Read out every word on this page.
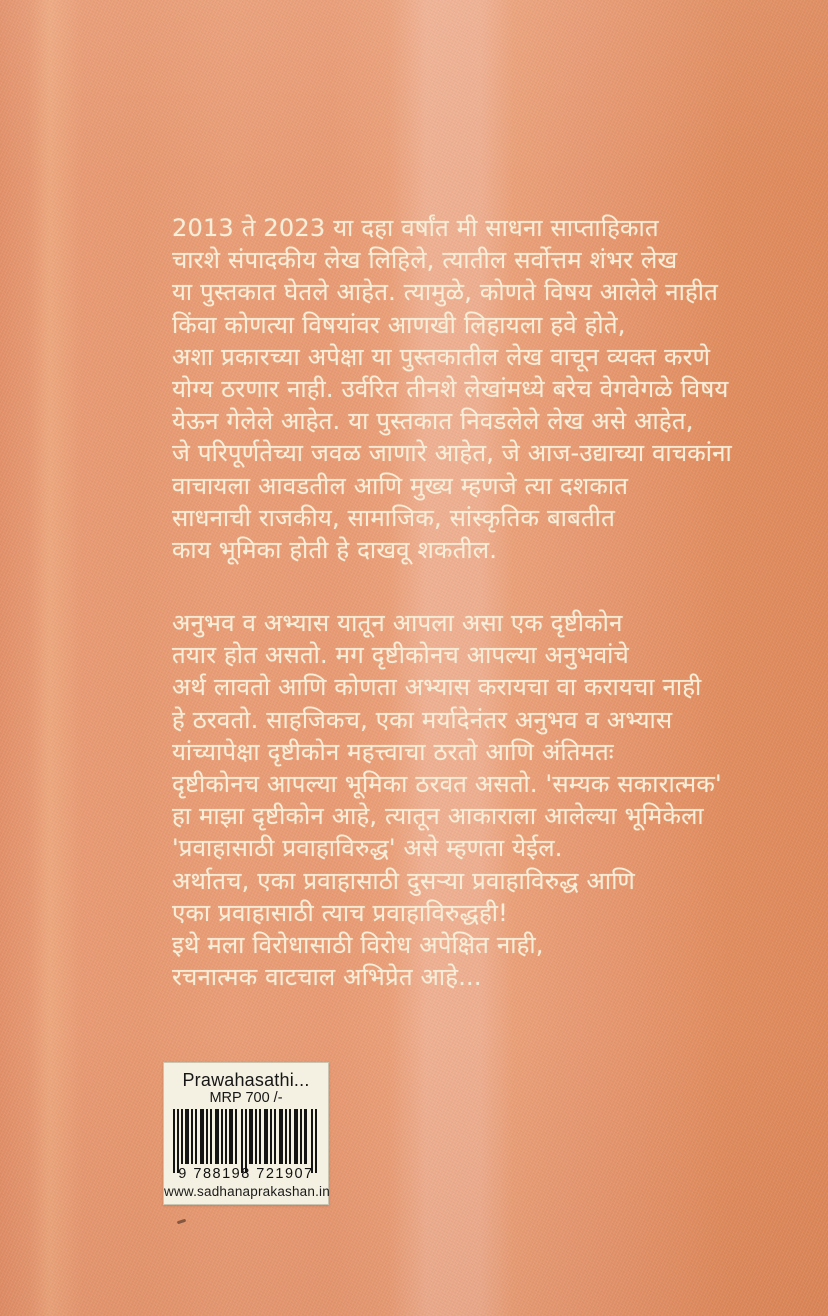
2013 ते 2023 या दहा वर्षांत मी साधना साप्ताहिकात
चारशे संपादकीय लेख लिहिले, त्यातील सर्वोत्तम शंभर लेख
या पुस्तकात घेतले आहेत. त्यामुळे, कोणते विषय आलेले नाहीत
किंवा कोणत्या विषयांवर आणखी लिहायला हवे होते,
अशा प्रकारच्या अपेक्षा या पुस्तकातील लेख वाचून व्यक्त करणे
योग्य ठरणार नाही. उर्वरित तीनशे लेखांमध्ये बरेच वेगवेगळे विषय
येऊन गेलेले आहेत. या पुस्तकात निवडलेले लेख असे आहेत,
जे परिपूर्णतेच्या जवळ जाणारे आहेत, जे आज-उद्याच्या वाचकांना
वाचायला आवडतील आणि मुख्य म्हणजे त्या दशकात
साधनाची राजकीय, सामाजिक, सांस्कृतिक बाबतीत
काय भूमिका होती हे दाखवू शकतील.
अनुभव व अभ्यास यातून आपला असा एक दृष्टीकोन
तयार होत असतो. मग दृष्टीकोनच आपल्या अनुभवांचे
अर्थ लावतो आणि कोणता अभ्यास करायचा वा करायचा नाही
हे ठरवतो. साहजिकच, एका मर्यादेनंतर अनुभव व अभ्यास
यांच्यापेक्षा दृष्टीकोन महत्त्वाचा ठरतो आणि अंतिमतः
दृष्टीकोनच आपल्या भूमिका ठरवत असतो. 'सम्यक सकारात्मक'
हा माझा दृष्टीकोन आहे, त्यातून आकाराला आलेल्या भूमिकेला
'प्रवाहासाठी प्रवाहाविरुद्ध' असे म्हणता येईल.
अर्थातच, एका प्रवाहासाठी दुसऱ्या प्रवाहाविरुद्ध आणि
एका प्रवाहासाठी त्याच प्रवाहाविरुद्धही!
इथे मला विरोधासाठी विरोध अपेक्षित नाही,
रचनात्मक वाटचाल अभिप्रेत आहे...
Prawahasathi...
MRP 700 /-
9 788198 721907
www.sadhanaprakashan.in
